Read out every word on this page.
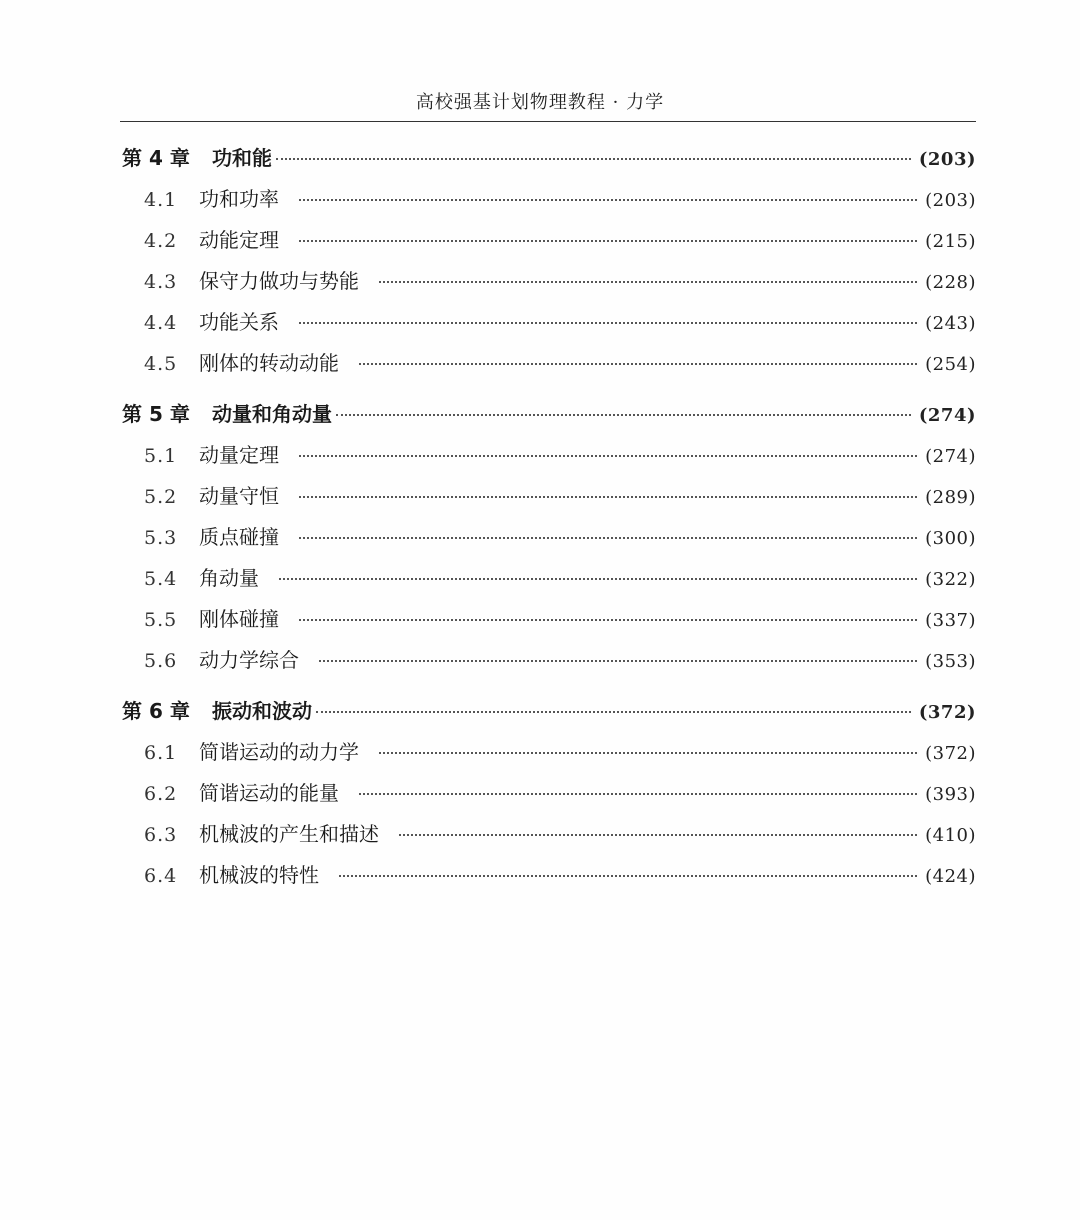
高校强基计划物理教程 · 力学
第 4 章	功和能	(203)
4.1	功和功率	(203)
4.2	动能定理	(215)
4.3	保守力做功与势能	(228)
4.4	功能关系	(243)
4.5	刚体的转动动能	(254)
第 5 章	动量和角动量	(274)
5.1	动量定理	(274)
5.2	动量守恒	(289)
5.3	质点碰撞	(300)
5.4	角动量	(322)
5.5	刚体碰撞	(337)
5.6	动力学综合	(353)
第 6 章	振动和波动	(372)
6.1	简谐运动的动力学	(372)
6.2	简谐运动的能量	(393)
6.3	机械波的产生和描述	(410)
6.4	机械波的特性	(424)
